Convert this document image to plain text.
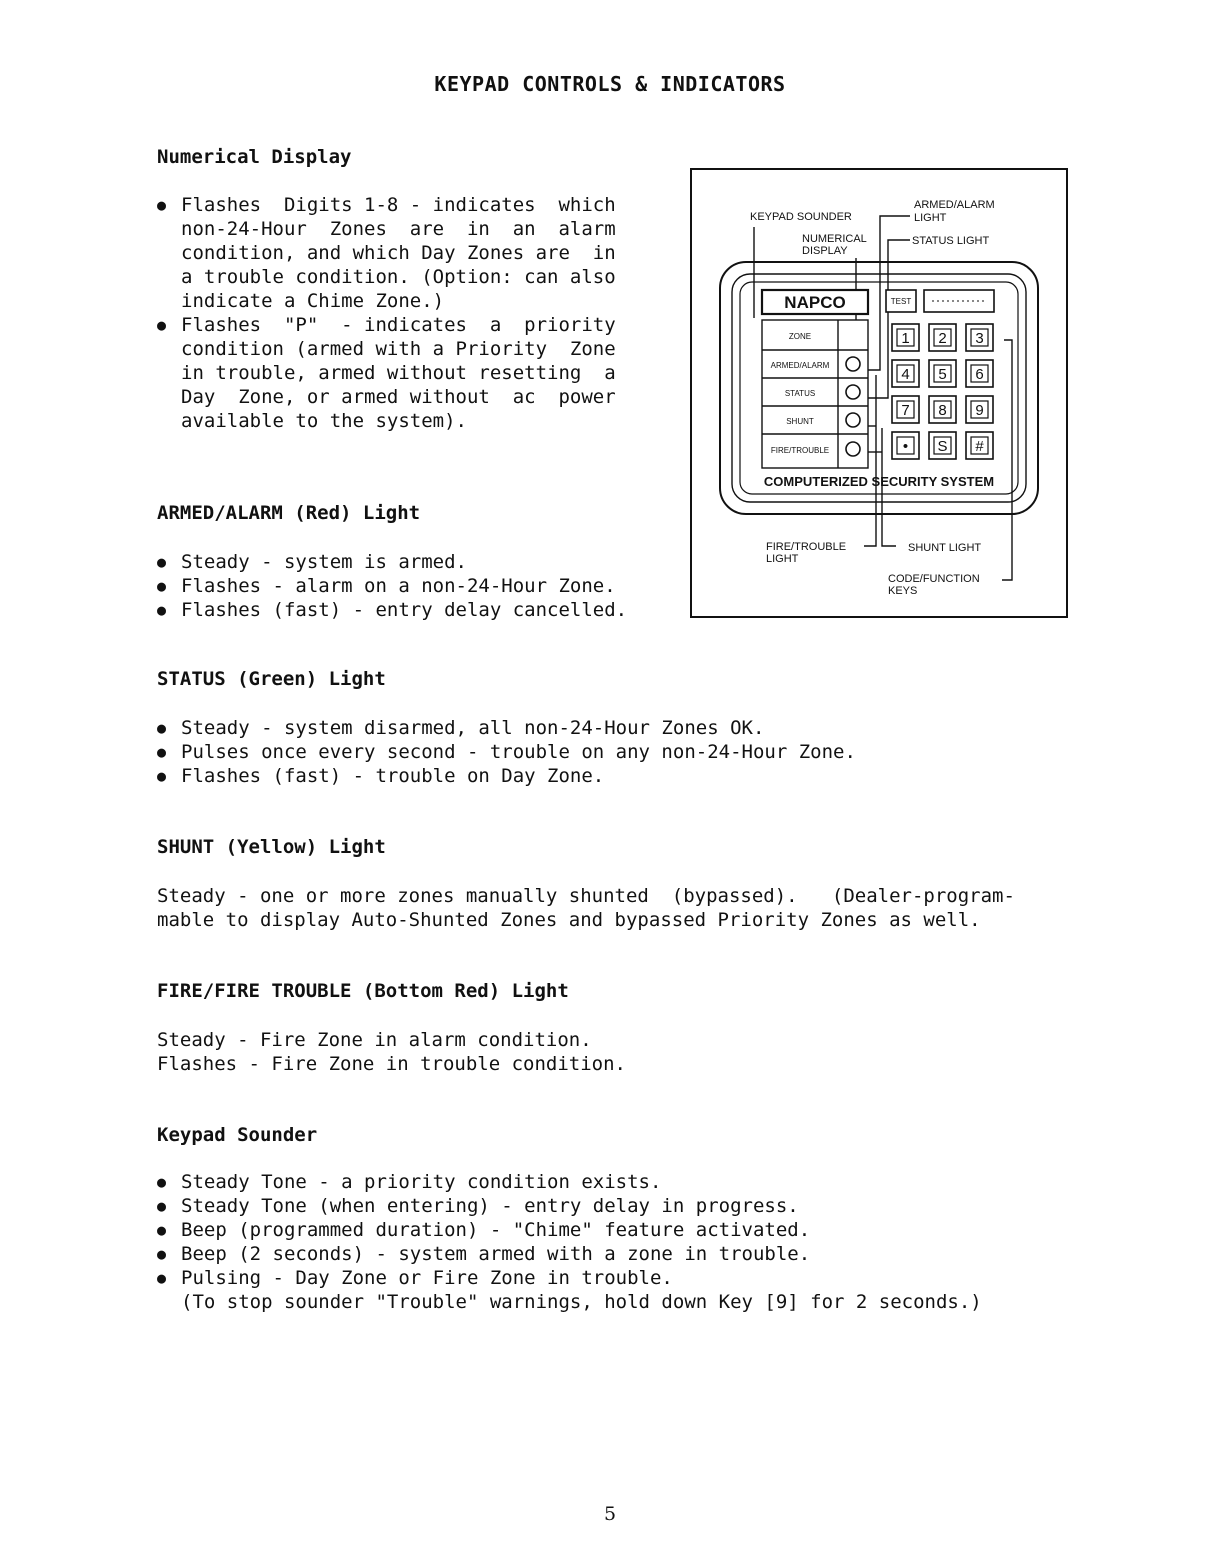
KEYPAD CONTROLS & INDICATORS
Numerical Display
● Flashes  Digits 1-8 - indicates  which
non-24-Hour  Zones  are  in  an  alarm
condition, and which Day Zones are  in
a trouble condition. (Option: can also
indicate a Chime Zone.)
● Flashes  "P"  - indicates  a  priority
condition (armed with a Priority  Zone
in trouble, armed without resetting  a
Day  Zone, or armed without  ac  power
available to the system).
ARMED/ALARM (Red) Light
● Steady - system is armed.
● Flashes - alarm on a non-24-Hour Zone.
● Flashes (fast) - entry delay cancelled.
STATUS (Green) Light
● Steady - system disarmed, all non-24-Hour Zones OK.
● Pulses once every second - trouble on any non-24-Hour Zone.
● Flashes (fast) - trouble on Day Zone.
SHUNT (Yellow) Light
Steady - one or more zones manually shunted  (bypassed).   (Dealer-program-
mable to display Auto-Shunted Zones and bypassed Priority Zones as well.
FIRE/FIRE TROUBLE (Bottom Red) Light
Steady - Fire Zone in alarm condition.
Flashes - Fire Zone in trouble condition.
Keypad Sounder
● Steady Tone - a priority condition exists.
● Steady Tone (when entering) - entry delay in progress.
● Beep (programmed duration) - "Chime" feature activated.
● Beep (2 seconds) - system armed with a zone in trouble.
● Pulsing - Day Zone or Fire Zone in trouble.
(To stop sounder "Trouble" warnings, hold down Key [9] for 2 seconds.)
KEYPAD SOUNDER
ARMED/ALARM
LIGHT
NUMERICAL
DISPLAY
STATUS LIGHT
NAPCO	TEST
ZONE
ARMED/ALARM
STATUS
SHUNT
FIRE/TROUBLE
1 2 3
4 5 6
7 8 9
• S #
COMPUTERIZED SECURITY SYSTEM
FIRE/TROUBLE
LIGHT
SHUNT LIGHT
CODE/FUNCTION
KEYS
5
